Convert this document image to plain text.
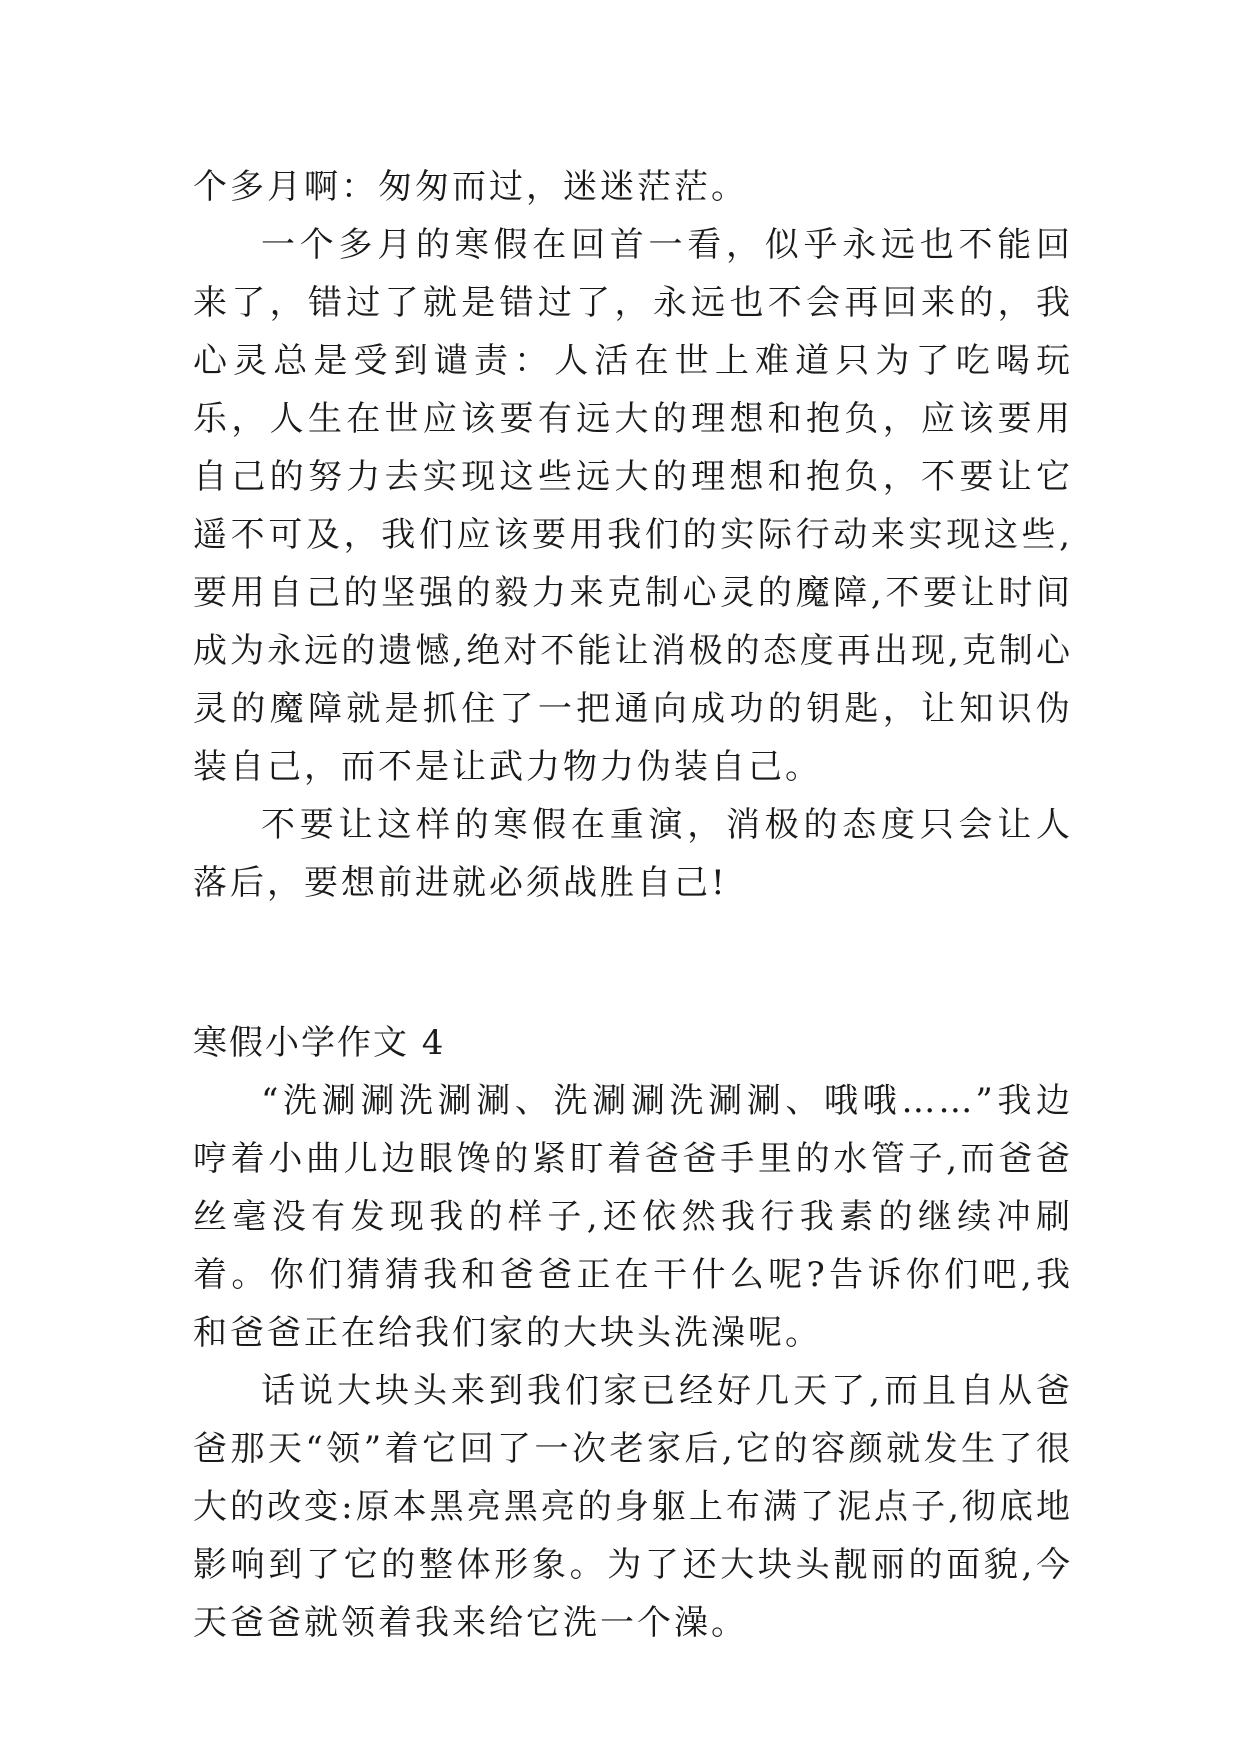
个多月啊：匆匆而过，迷迷茫茫。

一个多月的寒假在回首一看，似乎永远也不能回来了，错过了就是错过了，永远也不会再回来的，我心灵总是受到谴责：人活在世上难道只为了吃喝玩乐，人生在世应该要有远大的理想和抱负，应该要用自己的努力去实现这些远大的理想和抱负，不要让它遥不可及，我们应该要用我们的实际行动来实现这些,要用自己的坚强的毅力来克制心灵的魔障,不要让时间成为永远的遗憾,绝对不能让消极的态度再出现,克制心灵的魔障就是抓住了一把通向成功的钥匙，让知识伪装自己，而不是让武力物力伪装自己。

不要让这样的寒假在重演，消极的态度只会让人落后，要想前进就必须战胜自己!

寒假小学作文 4

“洗涮涮洗涮涮、洗涮涮洗涮涮、哦哦……”我边哼着小曲儿边眼馋的紧盯着爸爸手里的水管子,而爸爸丝毫没有发现我的样子,还依然我行我素的继续冲刷着。你们猜猜我和爸爸正在干什么呢?告诉你们吧,我和爸爸正在给我们家的大块头洗澡呢。

话说大块头来到我们家已经好几天了,而且自从爸爸那天“领”着它回了一次老家后,它的容颜就发生了很大的改变:原本黑亮黑亮的身躯上布满了泥点子,彻底地影响到了它的整体形象。为了还大块头靓丽的面貌,今天爸爸就领着我来给它洗一个澡。
